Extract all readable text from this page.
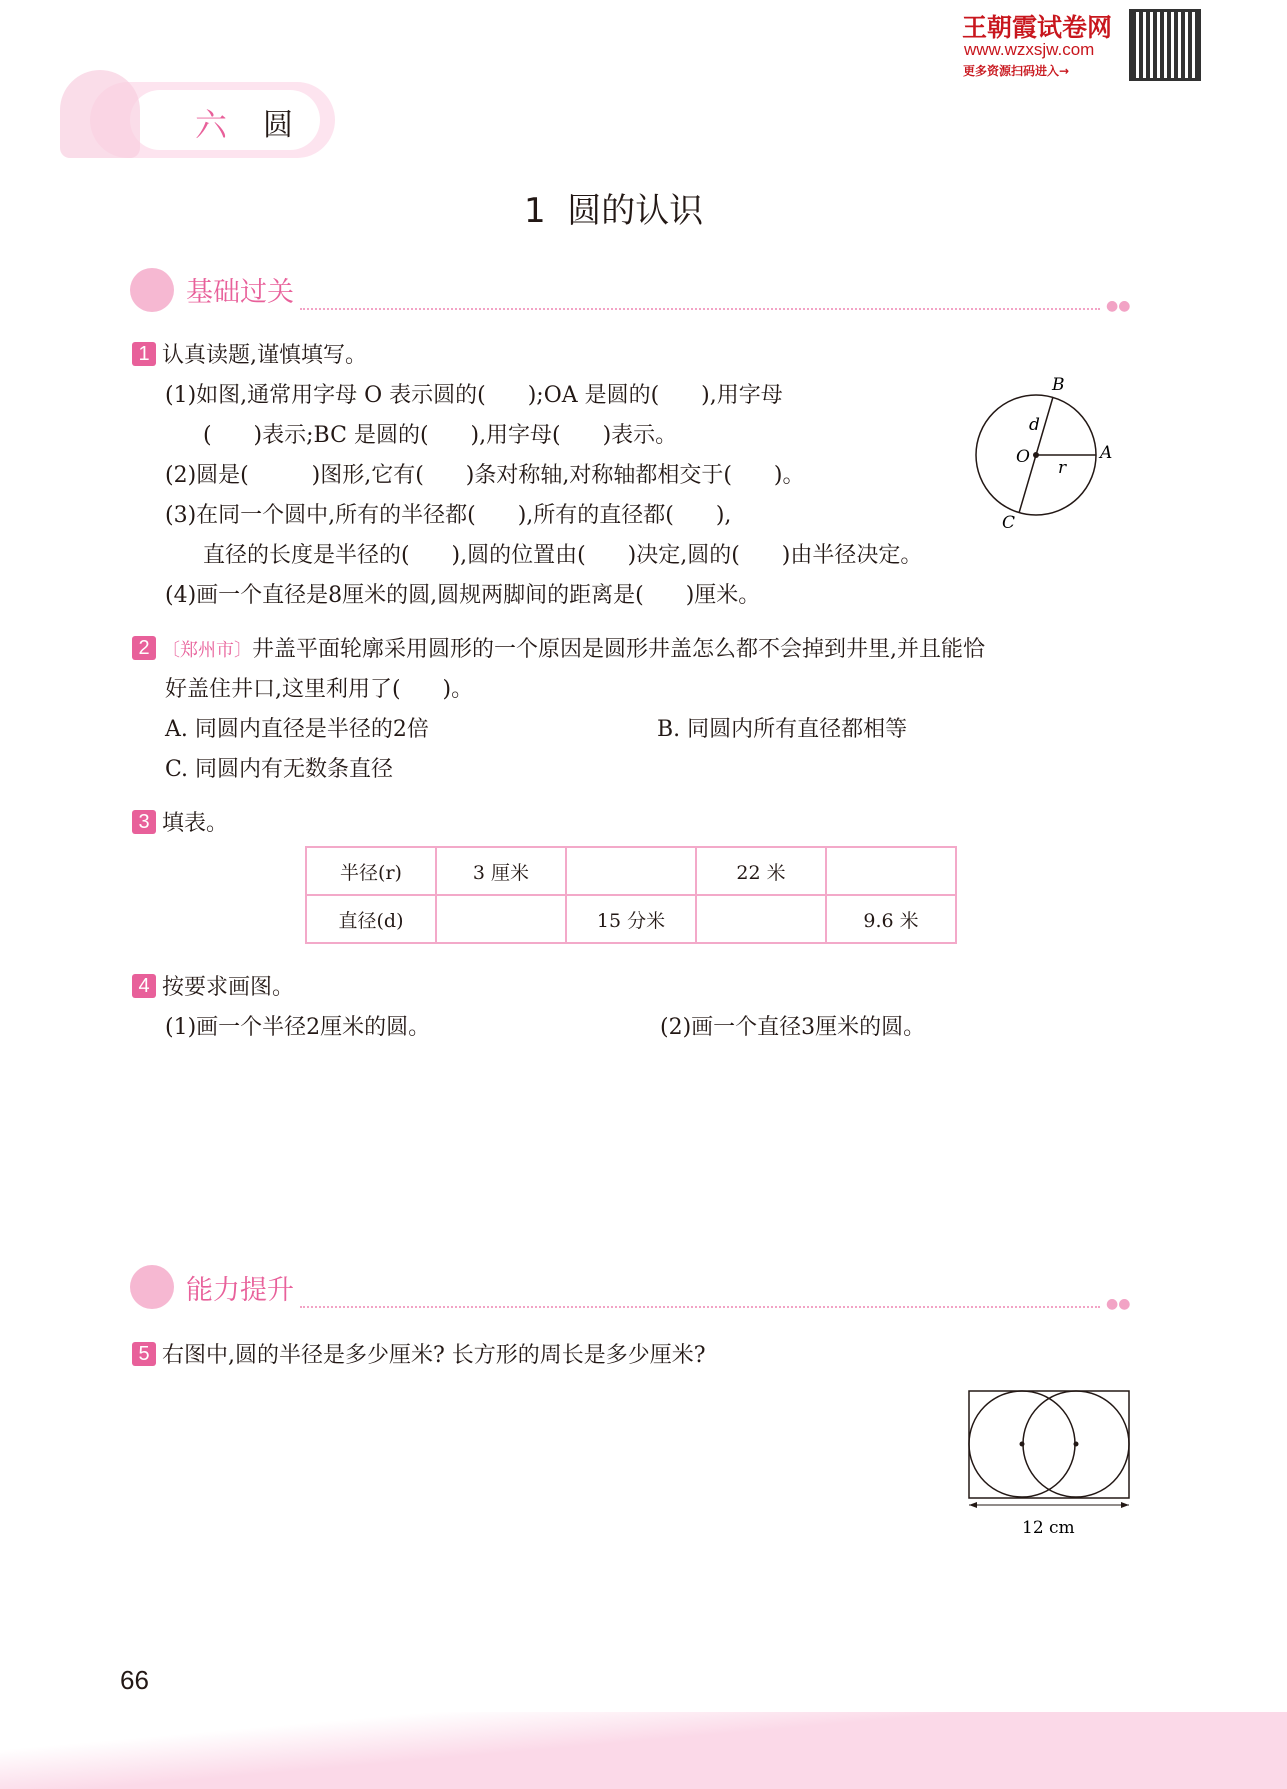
王朝霞试卷网
www.wzxsjw.com
更多资源扫码进入→
六 圆
1  圆的认识
基础过关	●●
1 认真读题,谨慎填写。
(1)如图,通常用字母 O 表示圆的(      );OA 是圆的(      ),用字母
(      )表示;BC 是圆的(      ),用字母(      )表示。
(2)圆是(         )图形,它有(      )条对称轴,对称轴都相交于(      )。
(3)在同一个圆中,所有的半径都(      ),所有的直径都(      ),
直径的长度是半径的(      ),圆的位置由(      )决定,圆的(      )由半径决定。
(4)画一个直径是8厘米的圆,圆规两脚间的距离是(      )厘米。
B
A
C
O
d
r
2 〔郑州市〕井盖平面轮廓采用圆形的一个原因是圆形井盖怎么都不会掉到井里,并且能恰
好盖住井口,这里利用了(      )。
A. 同圆内直径是半径的2倍	B. 同圆内所有直径都相等
C. 同圆内有无数条直径
3 填表。
半径(r)	3 厘米		22 米	
直径(d)		15 分米		9.6 米
4 按要求画图。
(1)画一个半径2厘米的圆。	(2)画一个直径3厘米的圆。
能力提升	●●
5 右图中,圆的半径是多少厘米? 长方形的周长是多少厘米?
12 cm
66
